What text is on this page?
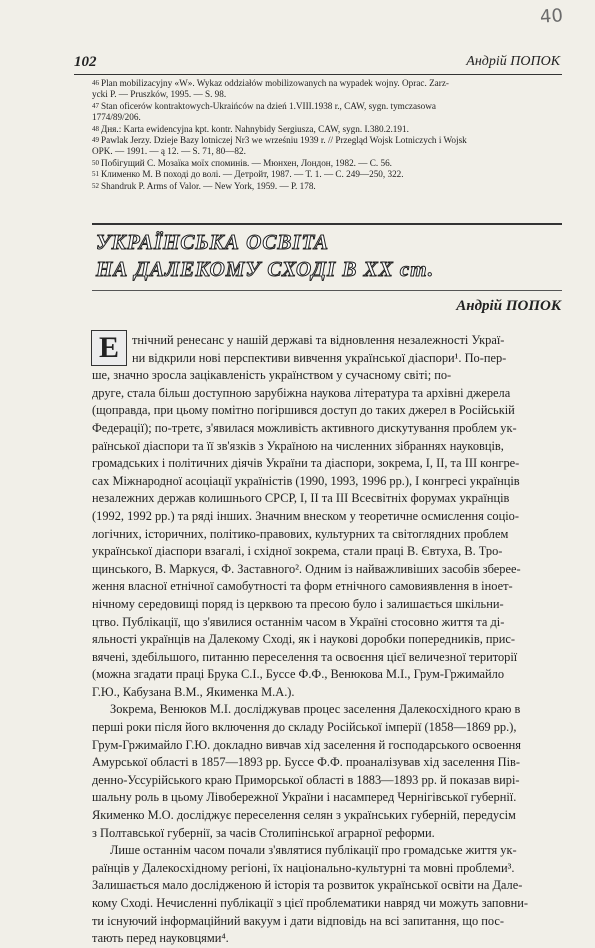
40
102	Андрій ПОПОК

$^{46}$ Plan mobilizacyjny «W». Wykaz oddziałów mobilizowanych na wypadek wojny. Oprac. Zarz-

ycki P. — Pruszków, 1995. — S. 98.

$^{47}$ Stan oficerów kontraktowych-Ukraińców na dzień 1.VIII.1938 r., CAW, sygn. tymczasowa

1774/89/206.

$^{48}$ Дня.: Karta ewidencyjna kpt. kontr. Nahnybidy Sergiusza, CAW, sygn. I.380.2.191.

$^{49}$ Pawlak Jerzy. Dzieje Bazy lotniczej Nr3 we wrześniu 1939 r. // Przegląd Wojsk Lotniczych i Wojsk

OPK. — 1991. — ą 12. — S. 71, 80—82.

$^{50}$ Побігущий С. Мозаїка моїх споминів. — Мюнхен, Лондон, 1982. — С. 56.

$^{51}$ Клименко М. В поході до волі. — Детройт, 1987. — Т. 1. — С. 249—250, 322.

$^{52}$ Shandruk P. Arms of Valor. — New York, 1959. — P. 178.

УКРАЇНСЬКА ОСВІТА
НА ДАЛЕКОМУ СХОДІ В XX ст.
Андрій ПОПОК
Е	тнічний ренесанс у нашій державі та відновлення незалежності Украї-
ни відкрили нові перспективи вивчення української діаспори¹. По-пер-
ше, значно зросла зацікавленість українством у сучасному світі; по-
друге, стала більш доступною зарубіжна наукова література та архівні джерела
(щоправда, при цьому помітно погіршився доступ до таких джерел в Російській
Федерації); по-третє, з'явилася можливість активного дискутування проблем ук-
раїнської діаспори та її зв'язків з Україною на численних зібраннях науковців,
громадських і політичних діячів України та діаспори, зокрема, I, II, та III конгре-
сах Міжнародної асоціації україністів (1990, 1993, 1996 рр.), I конгресі українців
незалежних держав колишнього СРСР, I, II та III Всесвітніх форумах українців
(1992, 1992 рр.) та ряді інших. Значним внеском у теоретичне осмислення соціо-
логічних, історичних, політико-правових, культурних та світоглядних проблем
української діаспори взагалі, і східної зокрема, стали праці В. Євтуха, В. Тро-
щинського, В. Маркуся, Ф. Заставного². Одним із найважливіших засобів зберее-
ження власної етнічної самобутності та форм етнічного самовиявлення в іноет-
нічному середовищі поряд із церквою та пресою було і залишається шкільни-
цтво. Публікації, що з'явилися останнім часом в Україні стосовно життя та ді-
яльності українців на Далекому Сході, як і наукові доробки попередників, прис-
вячені, здебільшого, питанню переселення та освоєння цієї величезної території
(можна згадати праці Брука С.І., Буссе Ф.Ф., Венюкова М.І., Грум-Гржимайло
Г.Ю., Кабузана В.М., Якименка М.А.).
Зокрема, Венюков М.І. досліджував процес заселення Далекосхідного краю в
перші роки після його включення до складу Російської імперії (1858—1869 рр.),
Грум-Гржимайло Г.Ю. докладно вивчав хід заселення й господарського освоення
Амурської області в 1857—1893 рр. Буссе Ф.Ф. проаналізував хід заселення Пів-
денно-Уссурійського краю Приморської області в 1883—1893 рр. й показав вирі-
шальну роль в цьому Лівобережної України і насамперед Чернігівської губернії.
Якименко М.О. досліджує переселення селян з українських губерній, передусім
з Полтавської губернії, за часів Столипінської аграрної реформи.
Лише останнім часом почали з'являтися публікації про громадське життя ук-
раїнців у Далекосхідному регіоні, їх національно-культурні та мовні проблеми³.
Залишається мало дослідженою й історія та розвиток української освіти на Дале-
кому Сході. Нечисленні публікації з цієї проблематики навряд чи можуть заповни-
ти існуючий інформаційний вакуум і дати відповідь на всі запитання, що пос-
тають перед науковцями⁴.
